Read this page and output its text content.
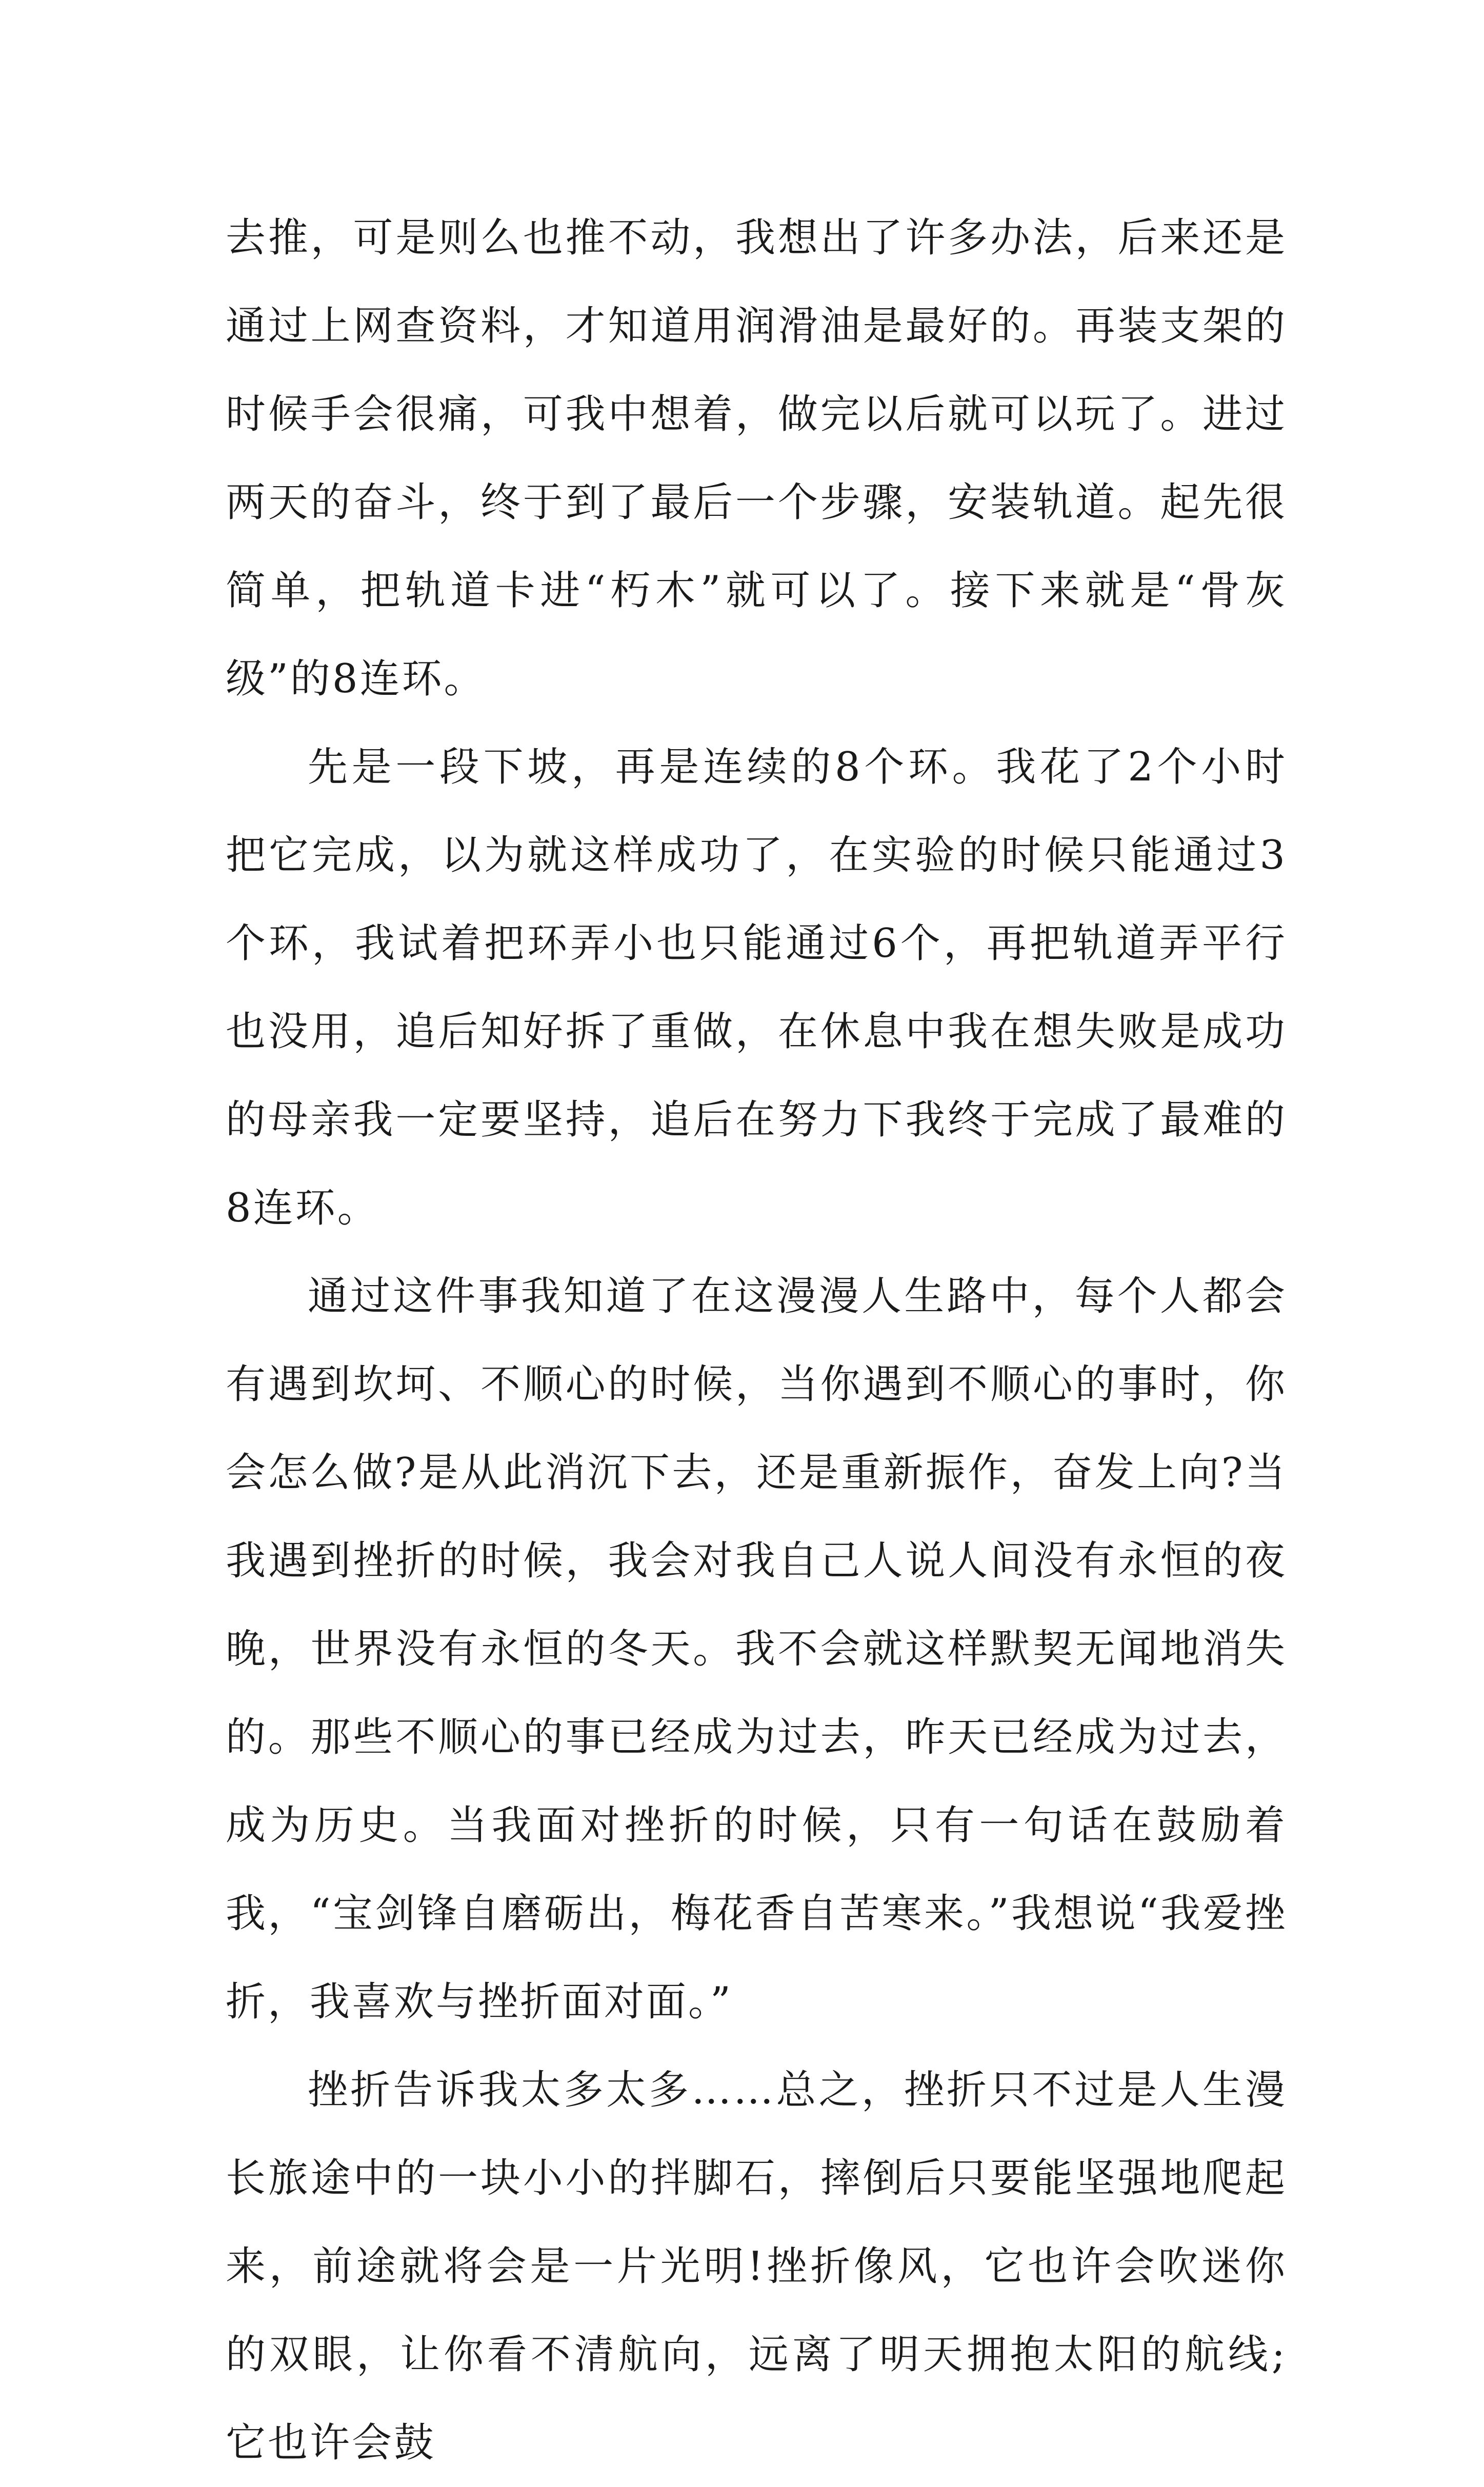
去推，可是则么也推不动，我想出了许多办法，后来还是通过上网查资料，才知道用润滑油是最好的。再装支架的时候手会很痛，可我中想着，做完以后就可以玩了。进过两天的奋斗，终于到了最后一个步骤，安装轨道。起先很简单，把轨道卡进“朽木”就可以了。接下来就是“骨灰级”的8连环。

先是一段下坡，再是连续的8个环。我花了2个小时把它完成，以为就这样成功了，在实验的时候只能通过3个环，我试着把环弄小也只能通过6个，再把轨道弄平行也没用，追后知好拆了重做，在休息中我在想失败是成功的母亲我一定要坚持，追后在努力下我终于完成了最难的8连环。

通过这件事我知道了在这漫漫人生路中，每个人都会有遇到坎坷、不顺心的时候，当你遇到不顺心的事时，你会怎么做?是从此消沉下去，还是重新振作，奋发上向?当我遇到挫折的时候，我会对我自己人说人间没有永恒的夜晚，世界没有永恒的冬天。我不会就这样默契无闻地消失的。那些不顺心的事已经成为过去，昨天已经成为过去，成为历史。当我面对挫折的时候，只有一句话在鼓励着我，“宝剑锋自磨砺出，梅花香自苦寒来。”我想说“我爱挫折，我喜欢与挫折面对面。”

挫折告诉我太多太多……总之，挫折只不过是人生漫长旅途中的一块小小的拌脚石，摔倒后只要能坚强地爬起来，前途就将会是一片光明!挫折像风，它也许会吹迷你的双眼，让你看不清航向，远离了明天拥抱太阳的航线;它也许会鼓
